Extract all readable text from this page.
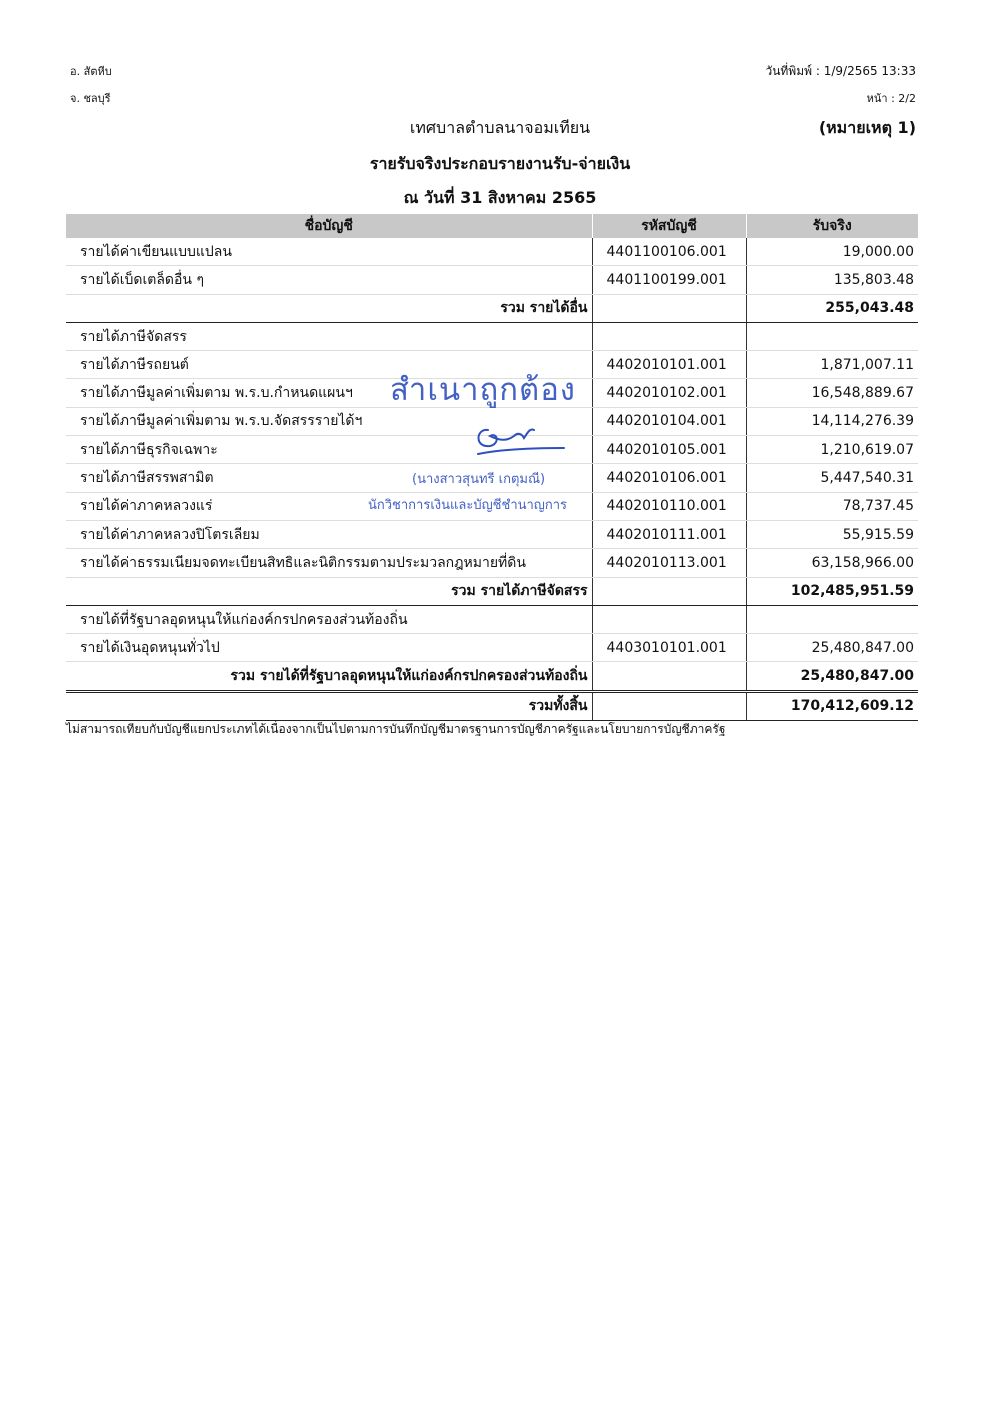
อ. สัตหีบ
จ. ชลบุรี
วันที่พิมพ์ : 1/9/2565 13:33
หน้า : 2/2
เทศบาลตำบลนาจอมเทียน	(หมายเหตุ 1)
รายรับจริงประกอบรายงานรับ-จ่ายเงิน
ณ วันที่ 31 สิงหาคม 2565
ชื่อบัญชี	รหัสบัญชี	รับจริง
รายได้ค่าเขียนแบบแปลน	4401100106.001	19,000.00
รายได้เบ็ดเตล็ดอื่น ๆ	4401100199.001	135,803.48
รวม รายได้อื่น		255,043.48
รายได้ภาษีจัดสรร		
รายได้ภาษีรถยนต์	4402010101.001	1,871,007.11
รายได้ภาษีมูลค่าเพิ่มตาม พ.ร.บ.กำหนดแผนฯ	4402010102.001	16,548,889.67
รายได้ภาษีมูลค่าเพิ่มตาม พ.ร.บ.จัดสรรรายได้ฯ	4402010104.001	14,114,276.39
รายได้ภาษีธุรกิจเฉพาะ	4402010105.001	1,210,619.07
รายได้ภาษีสรรพสามิต	4402010106.001	5,447,540.31
รายได้ค่าภาคหลวงแร่	4402010110.001	78,737.45
รายได้ค่าภาคหลวงปิโตรเลียม	4402010111.001	55,915.59
รายได้ค่าธรรมเนียมจดทะเบียนสิทธิและนิติกรรมตามประมวลกฎหมายที่ดิน	4402010113.001	63,158,966.00
รวม รายได้ภาษีจัดสรร		102,485,951.59
รายได้ที่รัฐบาลอุดหนุนให้แก่องค์กรปกครองส่วนท้องถิ่น		
รายได้เงินอุดหนุนทั่วไป	4403010101.001	25,480,847.00
รวม รายได้ที่รัฐบาลอุดหนุนให้แก่องค์กรปกครองส่วนท้องถิ่น		25,480,847.00
รวมทั้งสิ้น		170,412,609.12
ไม่สามารถเทียบกับบัญชีแยกประเภทได้เนื่องจากเป็นไปตามการบันทึกบัญชีมาตรฐานการบัญชีภาครัฐและนโยบายการบัญชีภาครัฐ
สำเนาถูกต้อง
(นางสาวสุนทรี เกตุมณี)
นักวิชาการเงินและบัญชีชำนาญการ
